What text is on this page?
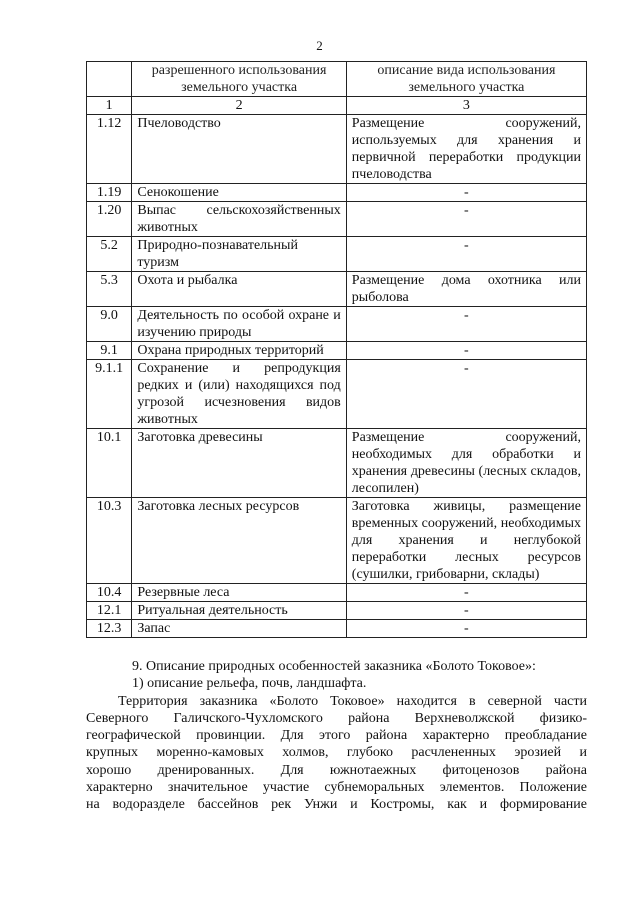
2
	разрешенного использования земельного участка	описание вида использования земельного участка
1	2	3
1.12	Пчеловодство	Размещение сооружений, используемых для хранения и первичной переработки продукции пчеловодства
1.19	Сенокошение	-
1.20	Выпас сельскохозяйственных животных	-
5.2	Природно-познавательный туризм	-
5.3	Охота и рыбалка	Размещение дома охотника или рыболова
9.0	Деятельность по особой охране и изучению природы	-
9.1	Охрана природных территорий	-
9.1.1	Сохранение и репродукция редких и (или) находящихся под угрозой исчезновения видов животных	-
10.1	Заготовка древесины	Размещение сооружений, необходимых для обработки и хранения древесины (лесных складов, лесопилен)
10.3	Заготовка лесных ресурсов	Заготовка живицы, размещение временных сооружений, необходимых для хранения и неглубокой переработки лесных ресурсов (сушилки, грибоварни, склады)
10.4	Резервные леса	-
12.1	Ритуальная деятельность	-
12.3	Запас	-
9. Описание природных особенностей заказника «Болото Токовое»:
1) описание рельефа, почв, ландшафта.
Территория заказника «Болото Токовое» находится в северной части
Северного Галичского-Чухломского района Верхневолжской физико-
географической провинции. Для этого района характерно преобладание
крупных моренно-камовых холмов, глубоко расчлененных эрозией и
хорошо дренированных. Для южнотаежных фитоценозов района
характерно значительное участие субнеморальных элементов. Положение
на водоразделе бассейнов рек Унжи и Костромы, как и формирование
